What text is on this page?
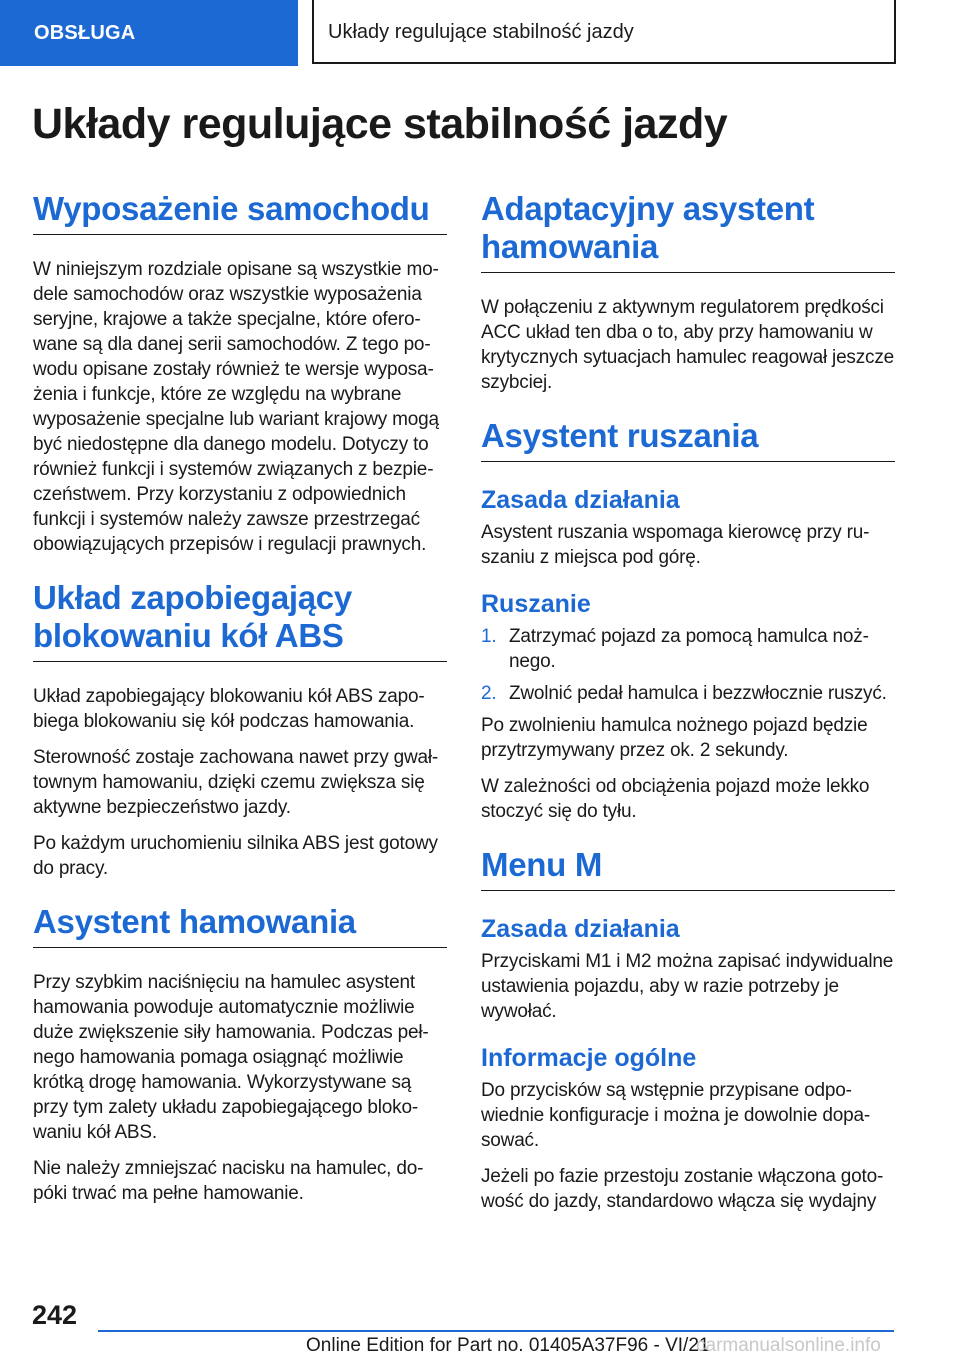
OBSŁUGA	Układy regulujące stabilność jazdy
Układy regulujące stabilność jazdy
Wyposażenie samochodu

W niniejszym rozdziale opisane są wszystkie modele samochodów oraz wszystkie wyposażenia seryjne, krajowe a także specjalne, które oferowane są dla danej serii samochodów. Z tego powodu opisane zostały również te wersje wyposażenia i funkcje, które ze względu na wybrane wyposażenie specjalne lub wariant krajowy mogą być niedostępne dla danego modelu. Dotyczy to również funkcji i systemów związanych z bezpieczeństwem. Przy korzystaniu z odpowiednich funkcji i systemów należy zawsze przestrzegać obowiązujących przepisów i regulacji prawnych.

Układ zapobiegający blokowaniu kół ABS

Układ zapobiegający blokowaniu kół ABS zapobiega blokowaniu się kół podczas hamowania.

Sterowność zostaje zachowana nawet przy gwałtownym hamowaniu, dzięki czemu zwiększa się aktywne bezpieczeństwo jazdy.

Po każdym uruchomieniu silnika ABS jest gotowy do pracy.

Asystent hamowania

Przy szybkim naciśnięciu na hamulec asystent hamowania powoduje automatycznie możliwie duże zwiększenie siły hamowania. Podczas pełnego hamowania pomaga osiągnąć możliwie krótką drogę hamowania. Wykorzystywane są przy tym zalety układu zapobiegającego blokowaniu kół ABS.

Nie należy zmniejszać nacisku na hamulec, dopóki trwać ma pełne hamowanie.

Adaptacyjny asystent hamowania

W połączeniu z aktywnym regulatorem prędkości ACC układ ten dba o to, aby przy hamowaniu w krytycznych sytuacjach hamulec reagował jeszcze szybciej.

Asystent ruszania
Zasada działania

Asystent ruszania wspomaga kierowcę przy ruszaniu z miejsca pod górę.

Ruszanie
1. Zatrzymać pojazd za pomocą hamulca nożnego.
2. Zwolnić pedał hamulca i bezzwłocznie ruszyć.

Po zwolnieniu hamulca nożnego pojazd będzie przytrzymywany przez ok. 2 sekundy.

W zależności od obciążenia pojazd może lekko stoczyć się do tyłu.

Menu M
Zasada działania

Przyciskami M1 i M2 można zapisać indywidualne ustawienia pojazdu, aby w razie potrzeby je wywołać.

Informacje ogólne

Do przycisków są wstępnie przypisane odpowiednie konfiguracje i można je dowolnie dopasować.

Jeżeli po fazie przestoju zostanie włączona gotowość do jazdy, standardowo włącza się wydajny

242
Online Edition for Part no. 01405A37F96 - VI/21
carmanualsonline.info
